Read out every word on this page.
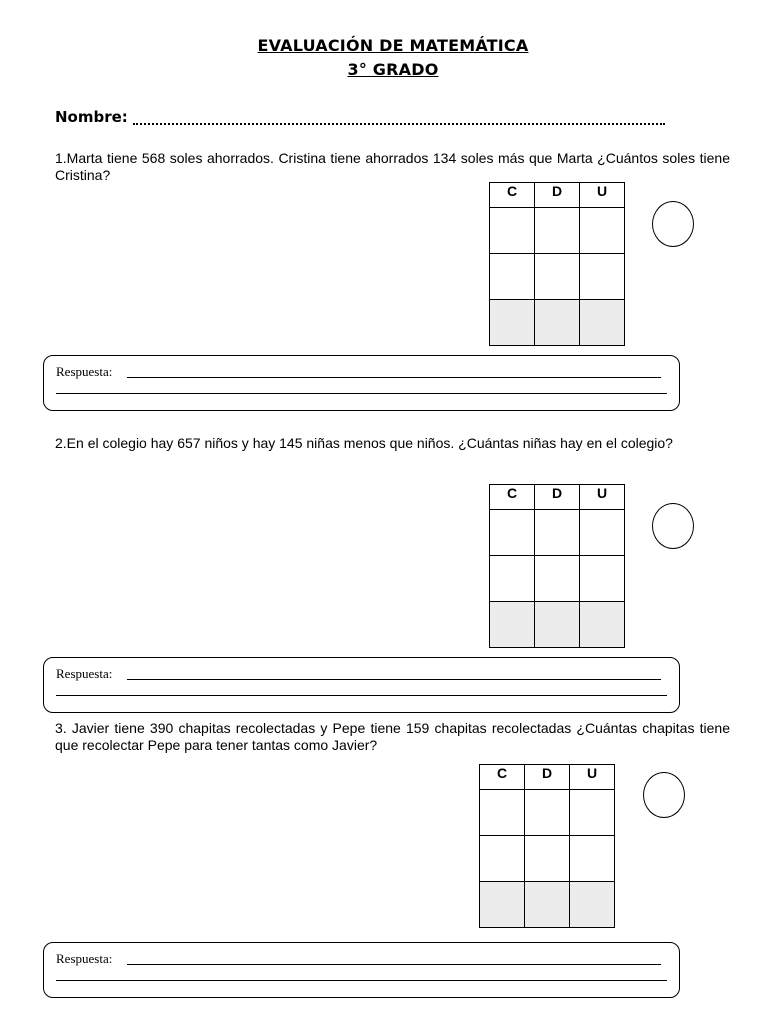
EVALUACIÓN DE MATEMÁTICA
3° GRADO
Nombre:
1.Marta tiene 568 soles ahorrados. Cristina tiene ahorrados 134 soles más que Marta ¿Cuántos soles tiene Cristina?
C	D	U

Respuesta:
2.En el colegio hay 657 niños y hay 145 niñas menos que niños. ¿Cuántas niñas hay en el colegio?
C	D	U

Respuesta:
3. Javier tiene 390 chapitas recolectadas y Pepe tiene 159 chapitas recolectadas ¿Cuántas chapitas tiene que recolectar Pepe para tener tantas como Javier?
C	D	U

Respuesta:
